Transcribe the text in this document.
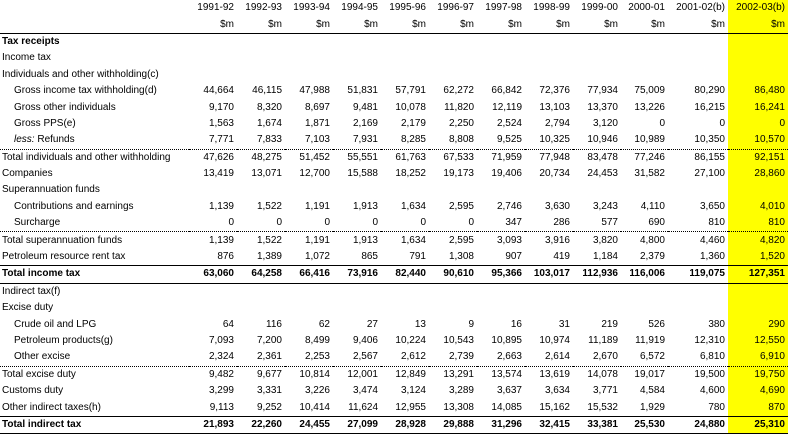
	1991-92	1992-93	1993-94	1994-95	1995-96	1996-97	1997-98	1998-99	1999-00	2000-01	2001-02(b)	2002-03(b)
	$m	$m	$m	$m	$m	$m	$m	$m	$m	$m	$m	$m
Tax receipts												
Income tax												
Individuals and other withholding(c)												
Gross income tax withholding(d)	44,664	46,115	47,988	51,831	57,791	62,272	66,842	72,376	77,934	75,009	80,290	86,480
Gross other individuals	9,170	8,320	8,697	9,481	10,078	11,820	12,119	13,103	13,370	13,226	16,215	16,241
Gross PPS(e)	1,563	1,674	1,871	2,169	2,179	2,250	2,524	2,794	3,120	0	0	0
less: Refunds	7,771	7,833	7,103	7,931	8,285	8,808	9,525	10,325	10,946	10,989	10,350	10,570
Total individuals and other withholding	47,626	48,275	51,452	55,551	61,763	67,533	71,959	77,948	83,478	77,246	86,155	92,151
Companies	13,419	13,071	12,700	15,588	18,252	19,173	19,406	20,734	24,453	31,582	27,100	28,860
Superannuation funds												
Contributions and earnings	1,139	1,522	1,191	1,913	1,634	2,595	2,746	3,630	3,243	4,110	3,650	4,010
Surcharge	0	0	0	0	0	0	347	286	577	690	810	810
Total superannuation funds	1,139	1,522	1,191	1,913	1,634	2,595	3,093	3,916	3,820	4,800	4,460	4,820
Petroleum resource rent tax	876	1,389	1,072	865	791	1,308	907	419	1,184	2,379	1,360	1,520
Total income tax	63,060	64,258	66,416	73,916	82,440	90,610	95,366	103,017	112,936	116,006	119,075	127,351
Indirect tax(f)												
Excise duty												
Crude oil and LPG	64	116	62	27	13	9	16	31	219	526	380	290
Petroleum products(g)	7,093	7,200	8,499	9,406	10,224	10,543	10,895	10,974	11,189	11,919	12,310	12,550
Other excise	2,324	2,361	2,253	2,567	2,612	2,739	2,663	2,614	2,670	6,572	6,810	6,910
Total excise duty	9,482	9,677	10,814	12,001	12,849	13,291	13,574	13,619	14,078	19,017	19,500	19,750
Customs duty	3,299	3,331	3,226	3,474	3,124	3,289	3,637	3,634	3,771	4,584	4,600	4,690
Other indirect taxes(h)	9,113	9,252	10,414	11,624	12,955	13,308	14,085	15,162	15,532	1,929	780	870
Total indirect tax	21,893	22,260	24,455	27,099	28,928	29,888	31,296	32,415	33,381	25,530	24,880	25,310
